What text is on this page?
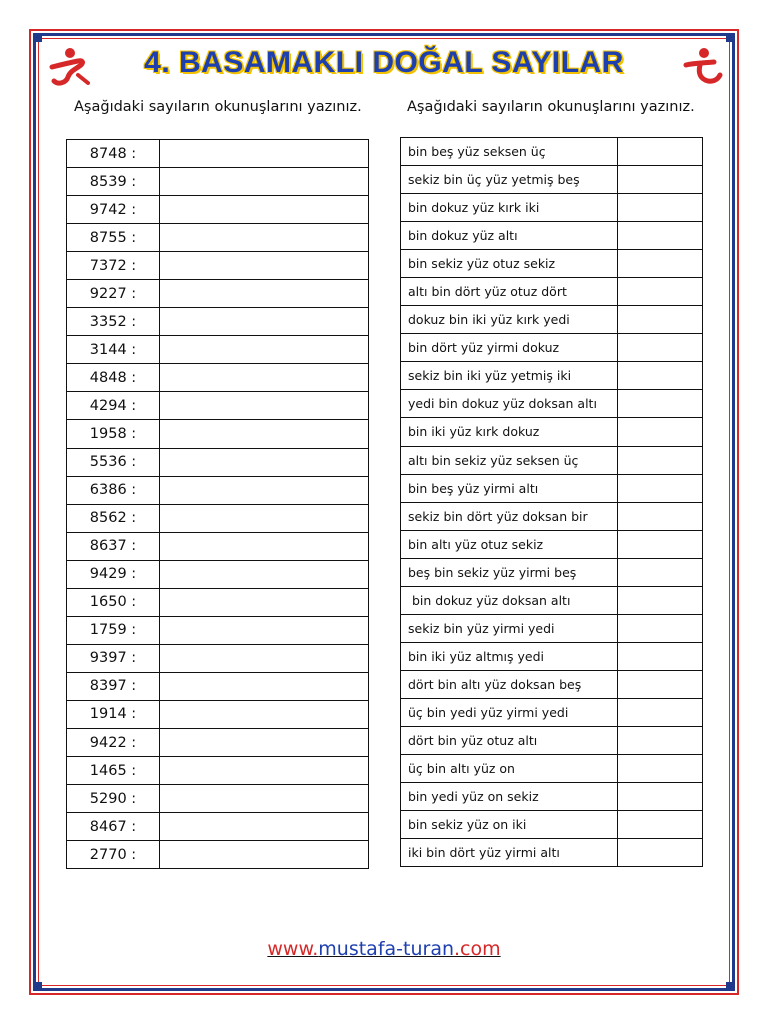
4. BASAMAKLI DOĞAL SAYILAR
Aşağıdaki sayıların okunuşlarını yazınız.	Aşağıdaki sayıların okunuşlarını yazınız.
8748 :	
8539 :	
9742 :	
8755 :	
7372 :	
9227 :	
3352 :	
3144 :	
4848 :	
4294 :	
1958 :	
5536 :	
6386 :	
8562 :	
8637 :	
9429 :	
1650 :	
1759 :	
9397 :	
8397 :	
1914 :	
9422 :	
1465 :	
5290 :	
8467 :	
2770 :	
bin beş yüz seksen üç	
sekiz bin üç yüz yetmiş beş	
bin dokuz yüz kırk iki	
bin dokuz yüz altı	
bin sekiz yüz otuz sekiz	
altı bin dört yüz otuz dört	
dokuz bin iki yüz kırk yedi	
bin dört yüz yirmi dokuz	
sekiz bin iki yüz yetmiş iki	
yedi bin dokuz yüz doksan altı	
bin iki yüz kırk dokuz	
altı bin sekiz yüz seksen üç	
bin beş yüz yirmi altı	
sekiz bin dört yüz doksan bir	
bin altı yüz otuz sekiz	
beş bin sekiz yüz yirmi beş	
bin dokuz yüz doksan altı	
sekiz bin yüz yirmi yedi	
bin iki yüz altmış yedi	
dört bin altı yüz doksan beş	
üç bin yedi yüz yirmi yedi	
dört bin yüz otuz altı	
üç bin altı yüz on	
bin yedi yüz on sekiz	
bin sekiz yüz on iki	
iki bin dört yüz yirmi altı	
www.mustafa-turan.com
